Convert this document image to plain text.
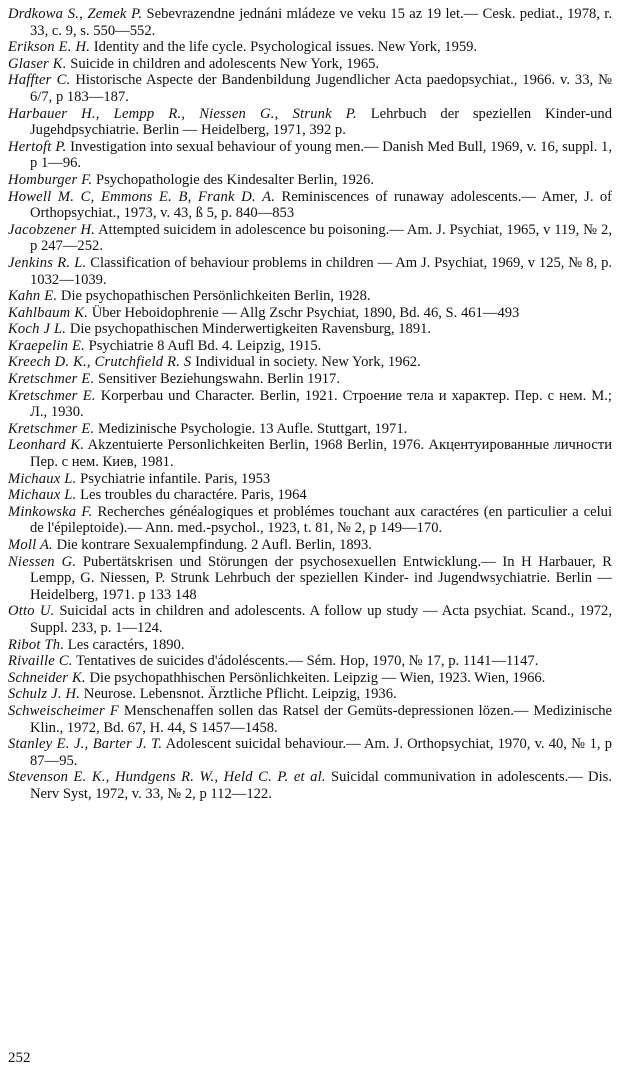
Drdkowa S., Zemek P. Sebevrazendne jednáni mládeze ve veku 15 az 19 let.— Cesk. pediat., 1978, r. 33, c. 9, s. 550—552.

Erikson E. H. Identity and the life cycle. Psychological issues. New York, 1959.

Glaser K. Suicide in children and adolescents New York, 1965.

Haffter C. Historische Aspecte der Bandenbildung Jugendlicher Acta paedopsychiat., 1966. v. 33, № 6/7, p 183—187.

Harbauer H., Lempp R., Niessen G., Strunk P. Lehrbuch der speziellen Kinder-und Jugehdpsychiatrie. Berlin — Heidelberg, 1971, 392 p.

Hertoft P. Investigation into sexual behaviour of young men.— Danish Med Bull, 1969, v. 16, suppl. 1, p 1—96.

Homburger F. Psychopathologie des Kindesalter Berlin, 1926.

Howell M. C, Emmons E. B, Frank D. A. Reminiscences of runaway adolescents.— Amer, J. of Orthopsychiat., 1973, v. 43, ß 5, p. 840—853

Jacobzener H. Attempted suicidem in adolescence bu poisoning.— Am. J. Psychiat, 1965, v 119, № 2, p 247—252.

Jenkins R. L. Classification of behaviour problems in children — Am J. Psychiat, 1969, v 125, № 8, p. 1032—1039.

Kahn E. Die psychopathischen Persönlichkeiten Berlin, 1928.

Kahlbaum K. Über Heboidophrenie — Allg Zschr Psychiat, 1890, Bd. 46, S. 461—493

Koch J L. Die psychopathischen Minderwertigkeiten Ravensburg, 1891.

Kraepelin E. Psychiatrie 8 Aufl Bd. 4. Leipzig, 1915.

Kreech D. K., Crutchfield R. S Individual in society. New York, 1962.

Kretschmer E. Sensitiver Beziehungswahn. Berlin 1917.

Kretschmer E. Korperbau und Character. Berlin, 1921. Строение тела и характер. Пер. с нем. М.; Л., 1930.

Kretschmer E. Medizinische Psychologie. 13 Aufle. Stuttgart, 1971.

Leonhard K. Akzentuierte Personlichkeiten Berlin, 1968 Berlin, 1976. Акцентуированные личности Пер. с нем. Киев, 1981.

Michaux L. Psychiatrie infantile. Paris, 1953

Michaux L. Les troubles du charactére. Paris, 1964

Minkowska F. Recherches généalogiques et problémes touchant aux caractéres (en particulier a celui de l'épileptoide).— Ann. med.-psychol., 1923, t. 81, № 2, p 149—170.

Moll A. Die kontrare Sexualempfindung. 2 Aufl. Berlin, 1893.

Niessen G. Pubertätskrisen und Störungen der psychosexuellen Entwicklung.— In H Harbauer, R Lempp, G. Niessen, P. Strunk Lehrbuch der speziellen Kinder- ind Jugendwsychiatrie. Berlin — Heidelberg, 1971. p 133 148

Otto U. Suicidal acts in children and adolescents. A follow up study — Acta psychiat. Scand., 1972, Suppl. 233, p. 1—124.

Ribot Th. Les caractérs, 1890.

Rivaille C. Tentatives de suicides d'ádoléscents.— Sém. Hop, 1970, № 17, p. 1141—1147.

Schneider K. Die psychopathhischen Persönlichkeiten. Leipzig — Wien, 1923. Wien, 1966.

Schulz J. H. Neurose. Lebensnot. Ärztliche Pflicht. Leipzig, 1936.

Schweischeimer F Menschenaffen sollen das Ratsel der Gemüts-depressionen lözen.— Medizinische Klin., 1972, Bd. 67, H. 44, S 1457—1458.

Stanley E. J., Barter J. T. Adolescent suicidal behaviour.— Am. J. Orthopsychiat, 1970, v. 40, № 1, p 87—95.

Stevenson E. K., Hundgens R. W., Held C. P. et al. Suicidal communivation in adolescents.— Dis. Nerv Syst, 1972, v. 33, № 2, p 112—122.

252
